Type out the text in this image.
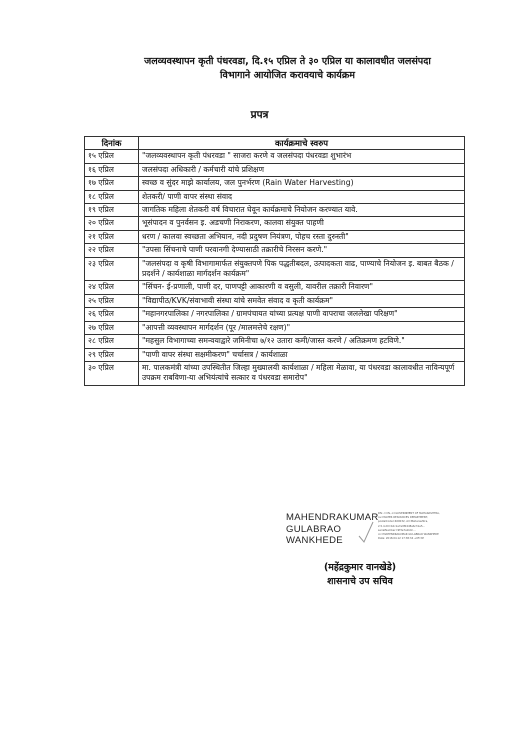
जलव्यवस्थापन कृती पंधरवडा, दि.१५ एप्रिल ते ३० एप्रिल या कालावधीत जलसंपदा
विभागाने आयोजित करावयाचे कार्यक्रम
प्रपत्र
दिनांक	कार्यक्रमाचे स्वरुप
१५ एप्रिल	"जलव्यवस्थापन कृती पंधरवडा " साजरा करणे व जलसंपदा पंधरवडा शुभारंभ
१६ एप्रिल	जलसंपदा अधिकारी / कर्मचारी यांचे प्रशिक्षण
१७ एप्रिल	स्वच्छ व सुंदर माझे कार्यालय, जल पुनर्भरण (Rain Water Harvesting)
१८ एप्रिल	शेतकरी/ पाणी वापर संस्था संवाद
१९ एप्रिल	जागतिक महिला शेतकरी वर्ष विचारात घेवून कार्यक्रमाचे नियोजन करण्यात यावे.
२० एप्रिल	भूसंपादन व पुनर्वसन इ. अडचणी निराकरण, कालवा संयुक्त पाहणी
२१ एप्रिल	धरण / कालवा स्वच्छता अभियान, नदी प्रदुषण नियंत्रण, पोहच रस्ता दुरुस्ती"
२२ एप्रिल	"उपसा सिंचनाचे पाणी परवानगी देण्यासाठी तक्रारीचे निरसन करणे."
२३ एप्रिल	"जलसंपदा व कृषी विभागामार्फत संयुक्तपणे पिक पद्धतीबदल, उत्पादकता वाढ, पाण्याचे नियोजन इ. बाबत बैठक / प्रदर्शने / कार्यशाळा मार्गदर्शन कार्यक्रम"
२४ एप्रिल	"सिंचन- ई-प्रणाली, पाणी दर, पाणपट्टी आकारणी व वसुली, यावरील तक्रारी निवारण"
२५ एप्रिल	"विद्यापीठ/KVK/संवाभावी संस्था यांचे समवेत संवाद व कृती कार्यक्रम"
२६ एप्रिल	"महानगरपालिका / नगरपालिका / ग्रामपंचायत यांच्या प्रत्यक्ष पाणी वापराचा जललेखा परिक्षण"
२७ एप्रिल	"आपत्ती व्यवस्थापन मार्गदर्शन (पूर /मालमत्तेचे रक्षण)"
२८ एप्रिल	"महसुल विभागाच्या समन्वयाद्वारे जमिनीचा ७/१२ उतारा कमी/जास्त करणे / अतिक्रमण हटविणे."
२९ एप्रिल	"पाणी वापर संस्था सक्षमीकरण" चर्चासत्र / कार्यशाळा
३० एप्रिल	मा. पालकमंत्री यांच्या उपस्थितीत जिल्हा मुख्यालयी कार्यशाळा / महिला मेळावा, या पंधरवडा कालावधीत नाविन्यपूर्ण उपक्रम राबविणा-या अभियंत्यांचे सत्कार व पंधरवडा समारोप"
MAHENDRAKUMAR
GULABRAO
WANKHEDE
DN: c=IN, o=GOVERNMENT OF MAHARASHTRA,
ou=WATER RESOURCES DEPARTMENT,
postalCode=400032, st=Maharashtra,
2.5.4.20=b2c1a7e9f04d8a6c31e5...
serialNumber=9f3e7a1b0c...
cn=MAHENDRAKUMAR GULABRAO WANKHEDE
Date: 2018.04.12 17:38:34 +05'30'
(महेंद्रकुमार वानखेडे)
शासनाचे उप सचिव
